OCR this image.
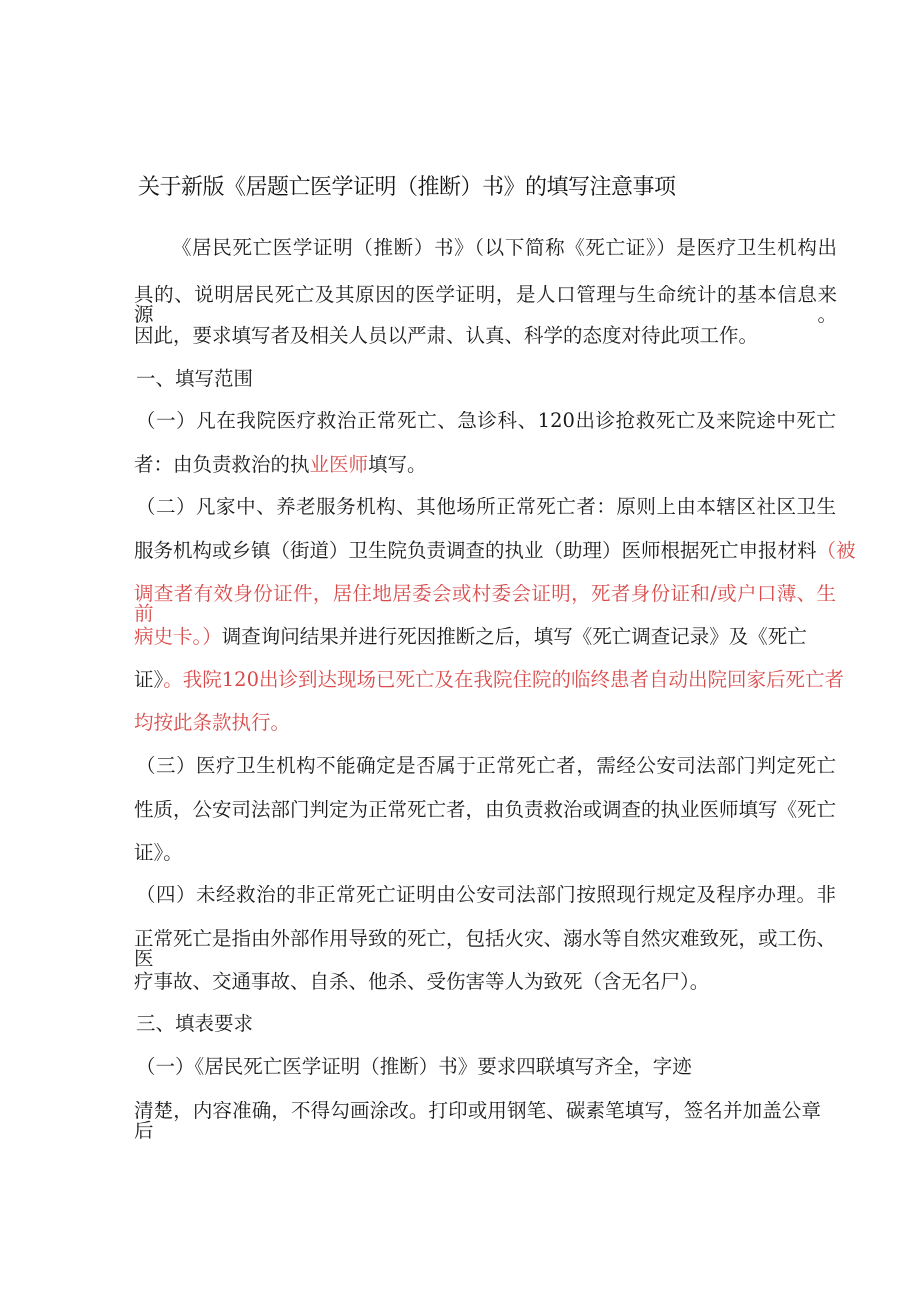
关于新版《居题亡医学证明（推断）书》的填写注意事项
《居民死亡医学证明（推断）书》（以下简称《死亡证》）是医疗卫生机构出
具的、说明居民死亡及其原因的医学证明，是人口管理与生命统计的基本信息来源。
因此，要求填写者及相关人员以严肃、认真、科学的态度对待此项工作。
一、填写范围
（一）凡在我院医疗救治正常死亡、急诊科、120出诊抢救死亡及来院途中死亡
者：由负责救治的执业医师填写。
（二）凡家中、养老服务机构、其他场所正常死亡者：原则上由本辖区社区卫生
服务机构或乡镇（街道）卫生院负责调查的执业（助理）医师根据死亡申报材料（被
调查者有效身份证件，居住地居委会或村委会证明，死者身份证和/或户口薄、生前
病史卡。）调查询问结果并进行死因推断之后，填写《死亡调查记录》及《死亡
证》。我院120出诊到达现场已死亡及在我院住院的临终患者自动出院回家后死亡者
均按此条款执行。
（三）医疗卫生机构不能确定是否属于正常死亡者，需经公安司法部门判定死亡
性质，公安司法部门判定为正常死亡者，由负责救治或调查的执业医师填写《死亡
证》。
（四）未经救治的非正常死亡证明由公安司法部门按照现行规定及程序办理。非
正常死亡是指由外部作用导致的死亡，包括火灾、溺水等自然灾难致死，或工伤、医
疗事故、交通事故、自杀、他杀、受伤害等人为致死（含无名尸）。
三、填表要求
（一）《居民死亡医学证明（推断）书》要求四联填写齐全，字迹
清楚，内容准确，不得勾画涂改。打印或用钢笔、碳素笔填写，签名并加盖公章后
